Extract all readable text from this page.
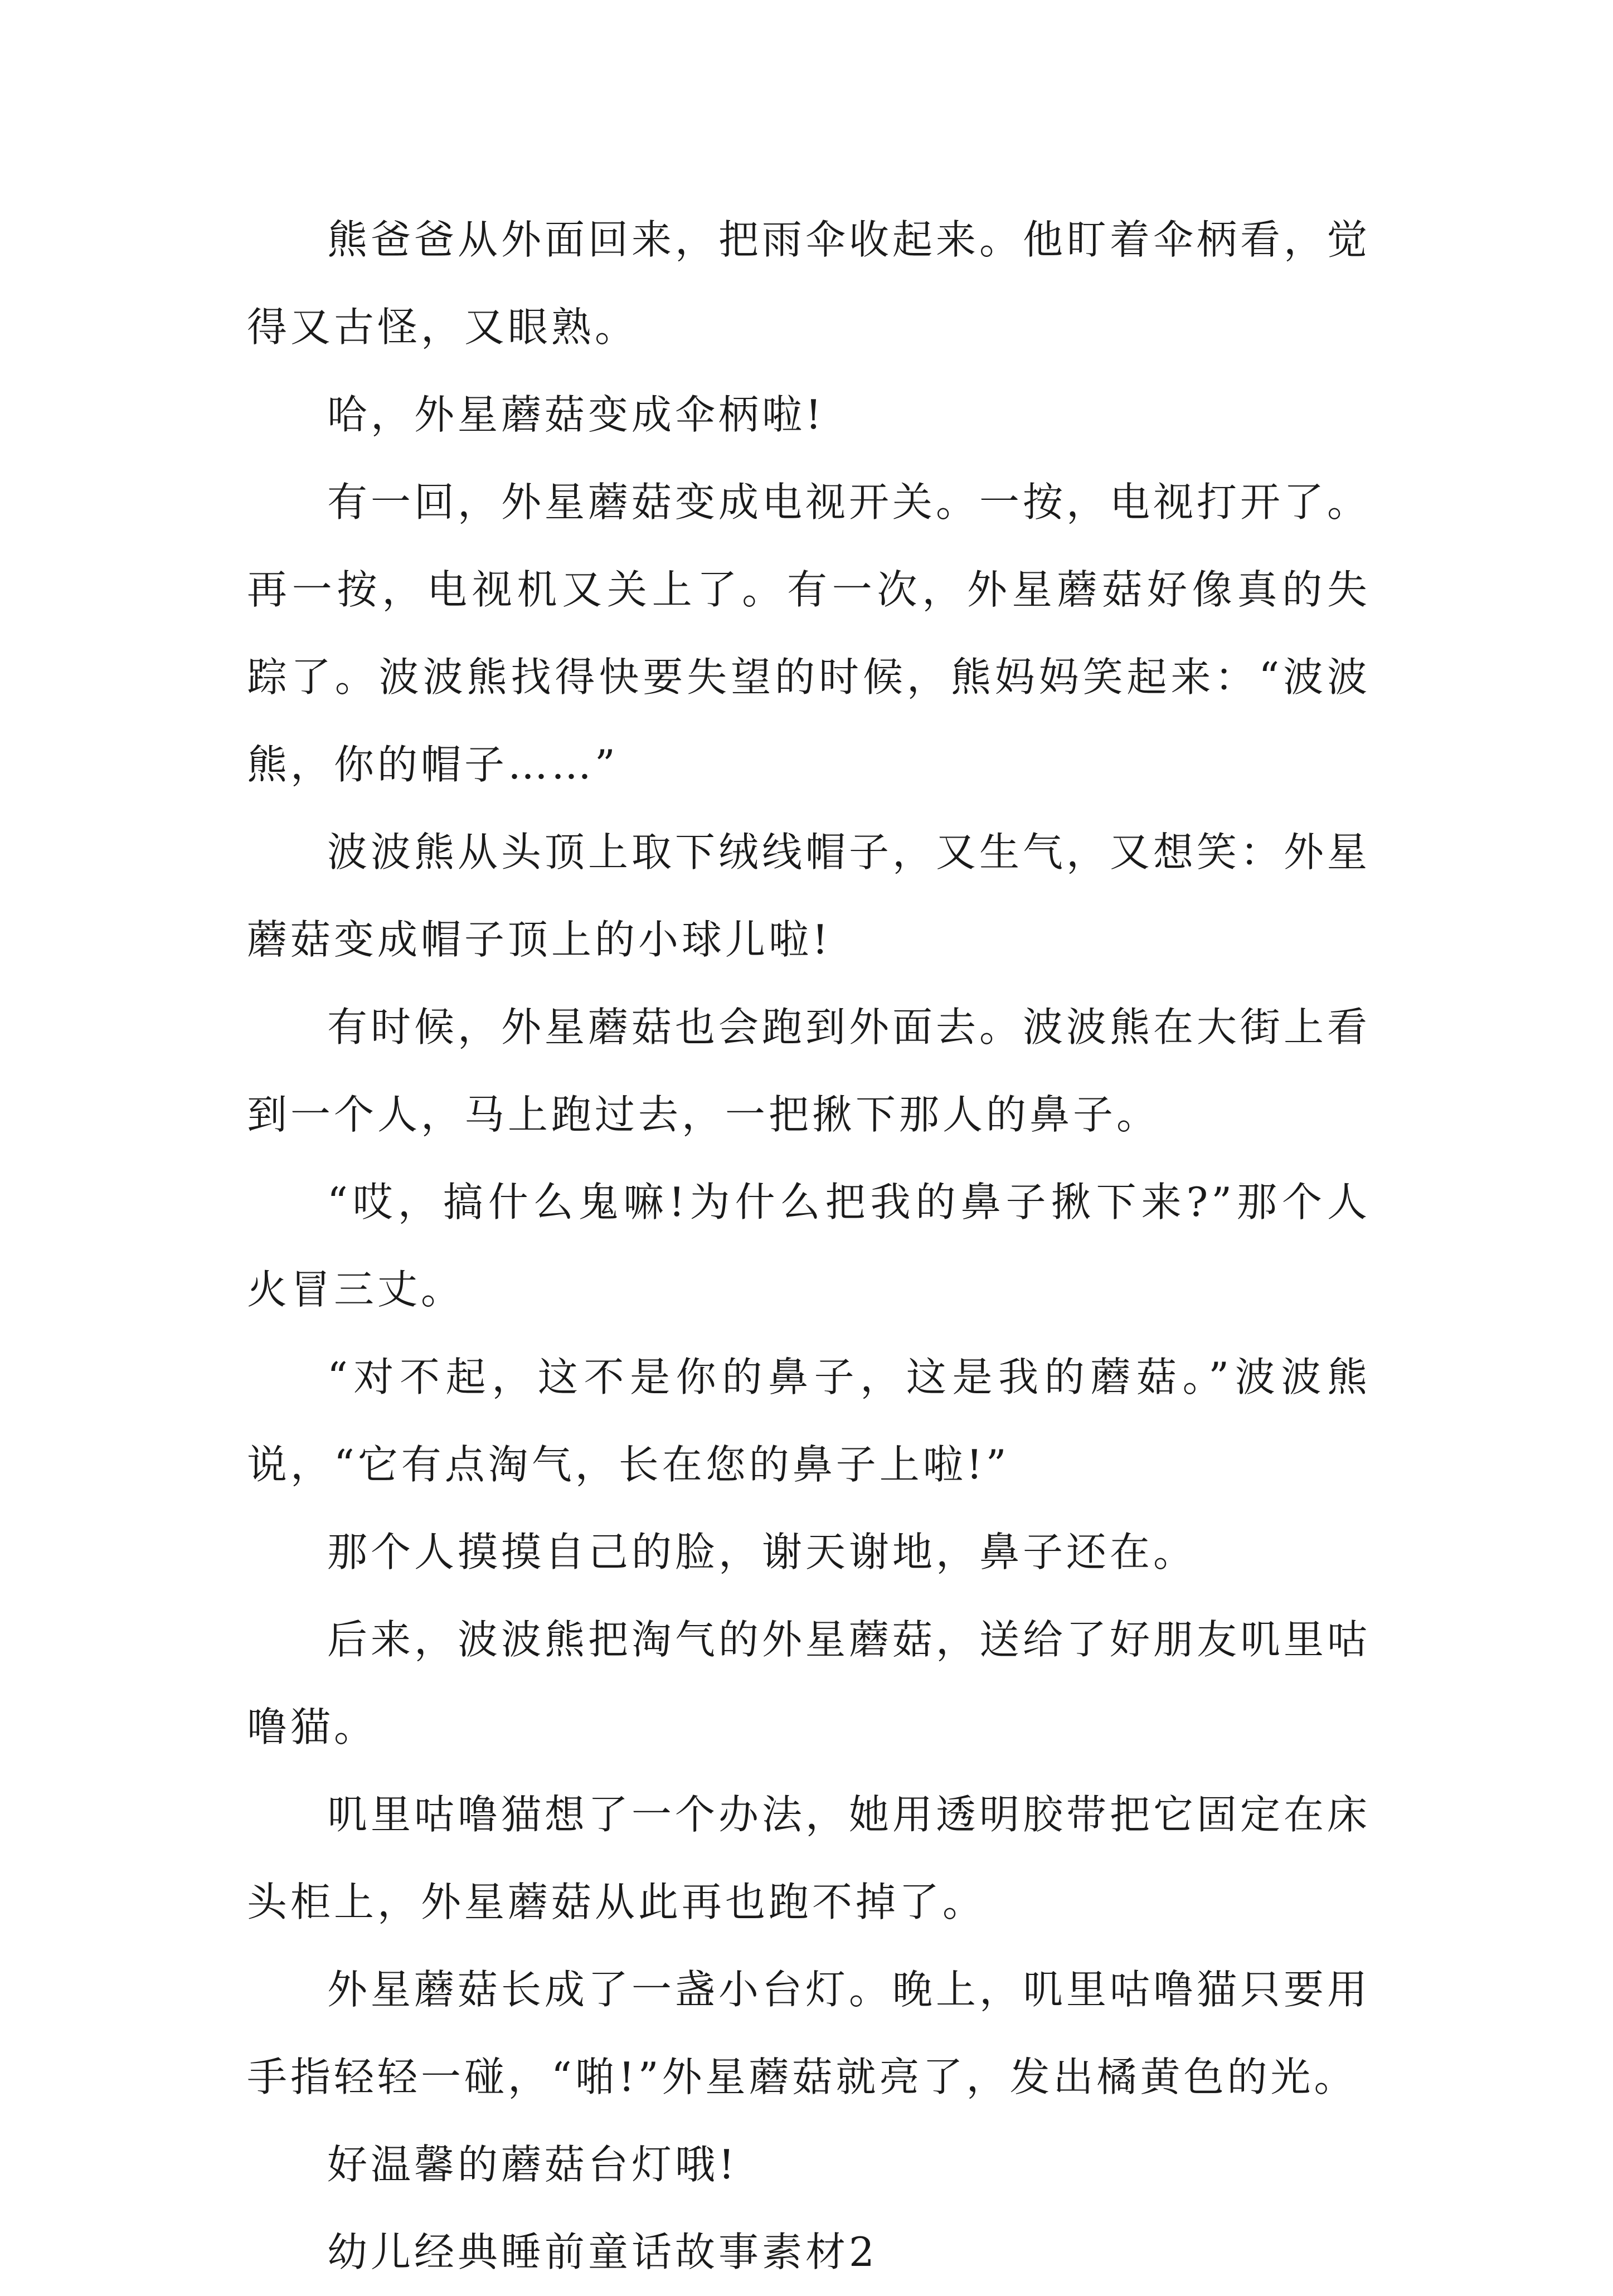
熊爸爸从外面回来，把雨伞收起来。他盯着伞柄看，觉得又古怪，又眼熟。

哈，外星蘑菇变成伞柄啦!

有一回，外星蘑菇变成电视开关。一按，电视打开了。再一按，电视机又关上了。有一次，外星蘑菇好像真的失踪了。波波熊找得快要失望的时候，熊妈妈笑起来：“波波熊，你的帽子……”

波波熊从头顶上取下绒线帽子，又生气，又想笑：外星蘑菇变成帽子顶上的小球儿啦!

有时候，外星蘑菇也会跑到外面去。波波熊在大街上看到一个人，马上跑过去，一把揪下那人的鼻子。

“哎，搞什么鬼嘛!为什么把我的鼻子揪下来?”那个人火冒三丈。

“对不起，这不是你的鼻子，这是我的蘑菇。”波波熊说，“它有点淘气，长在您的鼻子上啦!”

那个人摸摸自己的脸，谢天谢地，鼻子还在。

后来，波波熊把淘气的外星蘑菇，送给了好朋友叽里咕噜猫。

叽里咕噜猫想了一个办法，她用透明胶带把它固定在床头柜上，外星蘑菇从此再也跑不掉了。

外星蘑菇长成了一盏小台灯。晚上，叽里咕噜猫只要用手指轻轻一碰，“啪!”外星蘑菇就亮了，发出橘黄色的光。

好温馨的蘑菇台灯哦!

幼儿经典睡前童话故事素材2
